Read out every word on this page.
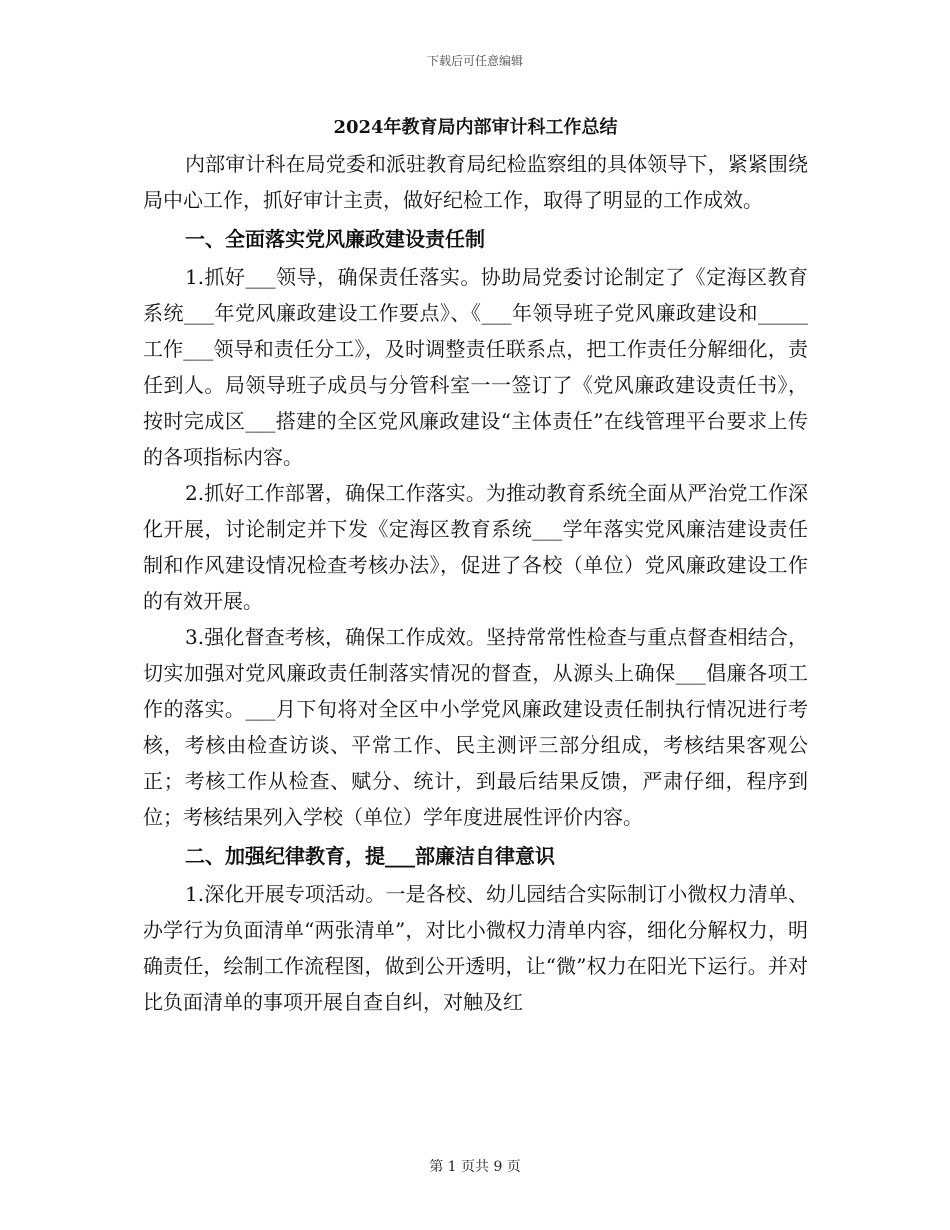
下载后可任意编辑
2024年教育局内部审计科工作总结

内部审计科在局党委和派驻教育局纪检监察组的具体领导下，紧紧围绕局中心工作，抓好审计主责，做好纪检工作，取得了明显的工作成效。

一、全面落实党风廉政建设责任制

1.抓好___领导，确保责任落实。协助局党委讨论制定了《定海区教育系统___年党风廉政建设工作要点》、《___年领导班子党风廉政建设和_____工作___领导和责任分工》，及时调整责任联系点，把工作责任分解细化，责任到人。局领导班子成员与分管科室一一签订了《党风廉政建设责任书》，按时完成区___搭建的全区党风廉政建设“主体责任”在线管理平台要求上传的各项指标内容。

2.抓好工作部署，确保工作落实。为推动教育系统全面从严治党工作深化开展，讨论制定并下发《定海区教育系统___学年落实党风廉洁建设责任制和作风建设情况检查考核办法》，促进了各校（单位）党风廉政建设工作的有效开展。

3.强化督查考核，确保工作成效。坚持常常性检查与重点督查相结合，切实加强对党风廉政责任制落实情况的督查，从源头上确保___倡廉各项工作的落实。___月下旬将对全区中小学党风廉政建设责任制执行情况进行考核，考核由检查访谈、平常工作、民主测评三部分组成，考核结果客观公正；考核工作从检查、赋分、统计，到最后结果反馈，严肃仔细，程序到位；考核结果列入学校（单位）学年度进展性评价内容。

二、加强纪律教育，提___部廉洁自律意识

1.深化开展专项活动。一是各校、幼儿园结合实际制订小微权力清单、办学行为负面清单“两张清单”，对比小微权力清单内容，细化分解权力，明确责任，绘制工作流程图，做到公开透明，让“微”权力在阳光下运行。并对比负面清单的事项开展自查自纠，对触及红

第 1 页共 9 页
